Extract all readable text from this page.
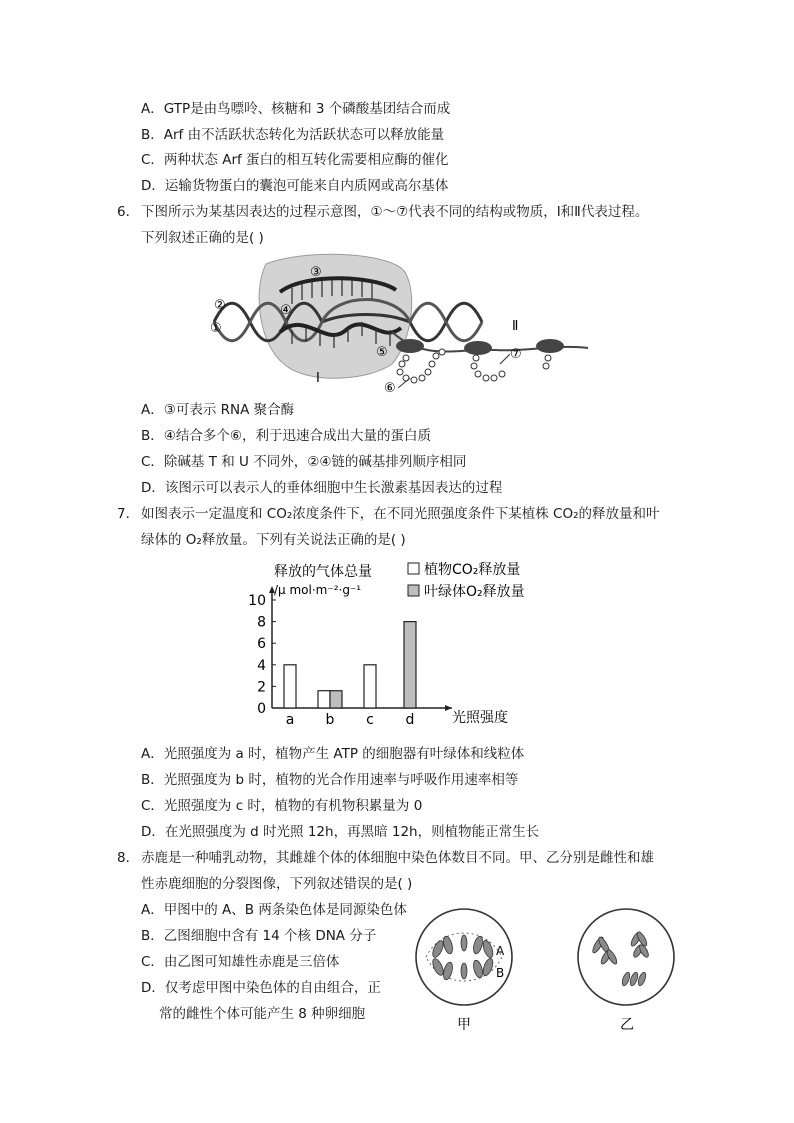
A．GTP是由鸟嘌呤、核糖和 3 个磷酸基团结合而成
B．Arf 由不活跃状态转化为活跃状态可以释放能量
C．两种状态 Arf 蛋白的相互转化需要相应酶的催化
D．运输货物蛋白的囊泡可能来自内质网或高尔基体
6． 下图所示为某基因表达的过程示意图，①～⑦代表不同的结构或物质，Ⅰ和Ⅱ代表过程。
下列叙述正确的是( )
②
①
③
④
⑤
⑥
⑦
Ⅰ
Ⅱ
A．③可表示 RNA 聚合酶
B．④结合多个⑥，利于迅速合成出大量的蛋白质
C．除碱基 T 和 U 不同外，②④链的碱基排列顺序相同
D．该图示可以表示人的垂体细胞中生长激素基因表达的过程
7． 如图表示一定温度和 CO₂浓度条件下，在不同光照强度条件下某植株 CO₂的释放量和叶
绿体的 O₂释放量。下列有关说法正确的是( )
释放的气体总量
/μ mol·m⁻²·g⁻¹
光照强度
植物CO₂释放量
叶绿体O₂释放量
0
2
4
6
8
10
a b c d
A．光照强度为 a 时，植物产生 ATP 的细胞器有叶绿体和线粒体
B．光照强度为 b 时，植物的光合作用速率与呼吸作用速率相等
C．光照强度为 c 时，植物的有机物积累量为 0
D．在光照强度为 d 时光照 12h，再黑暗 12h，则植物能正常生长
8． 赤鹿是一种哺乳动物，其雌雄个体的体细胞中染色体数目不同。甲、乙分别是雌性和雄
性赤鹿细胞的分裂图像，下列叙述错误的是( )
A．甲图中的 A、B 两条染色体是同源染色体
B．乙图细胞中含有 14 个核 DNA 分子
C．由乙图可知雄性赤鹿是三倍体
D．仅考虑甲图中染色体的自由组合，正
常的雌性个体可能产生 8 种卵细胞
A
B
甲	乙
